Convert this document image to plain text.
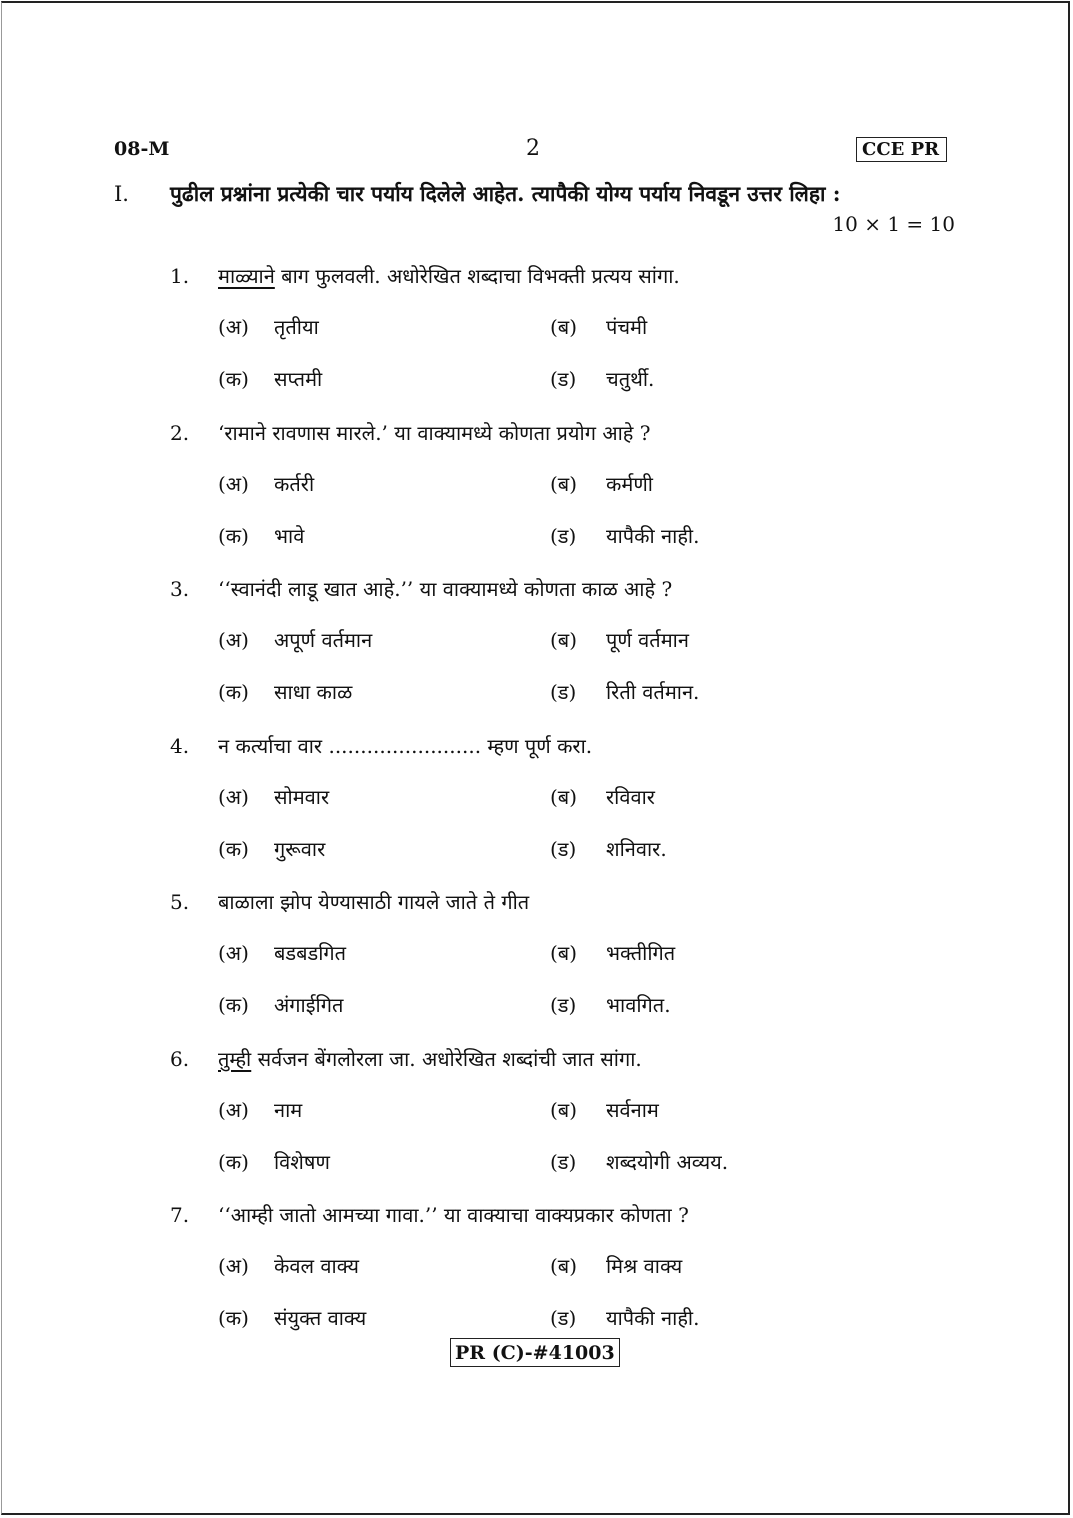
08-M	2	CCE PR
I. पुढील प्रश्नांना प्रत्येकी चार पर्याय दिलेले आहेत. त्यापैकी योग्य पर्याय निवडून उत्तर लिहा :
10 × 1 = 10
1. माळ्याने बाग फुलवली. अधोरेखित शब्दाचा विभक्ती प्रत्यय सांगा.
(अ) तृतीया	(ब) पंचमी
(क) सप्तमी	(ड) चतुर्थी.
2. ‘रामाने रावणास मारले.’ या वाक्यामध्ये कोणता प्रयोग आहे ?
(अ) कर्तरी	(ब) कर्मणी
(क) भावे	(ड) यापैकी नाही.
3. ‘‘स्वानंदी लाडू खात आहे.’’ या वाक्यामध्ये कोणता काळ आहे ?
(अ) अपूर्ण वर्तमान	(ब) पूर्ण वर्तमान
(क) साधा काळ	(ड) रिती वर्तमान.
4. न कर्त्याचा वार ........................ म्हण पूर्ण करा.
(अ) सोमवार	(ब) रविवार
(क) गुरूवार	(ड) शनिवार.
5. बाळाला झोप येण्यासाठी गायले जाते ते गीत
(अ) बडबडगित	(ब) भक्तीगित
(क) अंगाईगित	(ड) भावगित.
6. तुम्ही सर्वजन बेंगलोरला जा. अधोरेखित शब्दांची जात सांगा.
(अ) नाम	(ब) सर्वनाम
(क) विशेषण	(ड) शब्दयोगी अव्यय.
7. ‘‘आम्ही जातो आमच्या गावा.’’ या वाक्याचा वाक्यप्रकार कोणता ?
(अ) केवल वाक्य	(ब) मिश्र वाक्य
(क) संयुक्त वाक्य	(ड) यापैकी नाही.
PR (C)-#41003
